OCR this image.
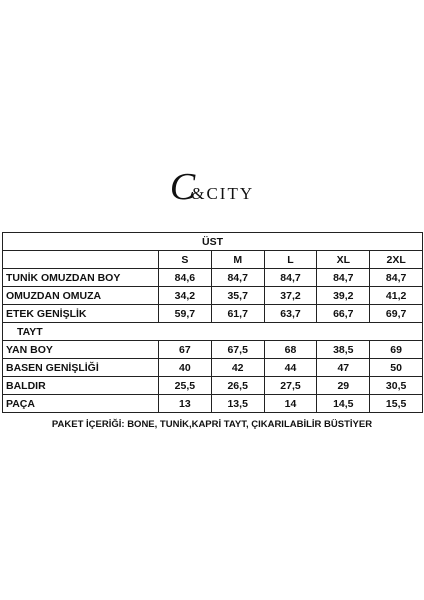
C&CITY
ÜST					
	S	M	L	XL	2XL
TUNİK OMUZDAN BOY	84,6	84,7	84,7	84,7	84,7
OMUZDAN OMUZA	34,2	35,7	37,2	39,2	41,2
ETEK GENİŞLİK	59,7	61,7	63,7	66,7	69,7
TAYT					
YAN BOY	67	67,5	68	38,5	69
BASEN GENİŞLİĞİ	40	42	44	47	50
BALDIR	25,5	26,5	27,5	29	30,5
PAÇA	13	13,5	14	14,5	15,5
PAKET İÇERİĞİ: BONE, TUNİK,KAPRİ TAYT, ÇIKARILABİLİR BÜSTİYER
